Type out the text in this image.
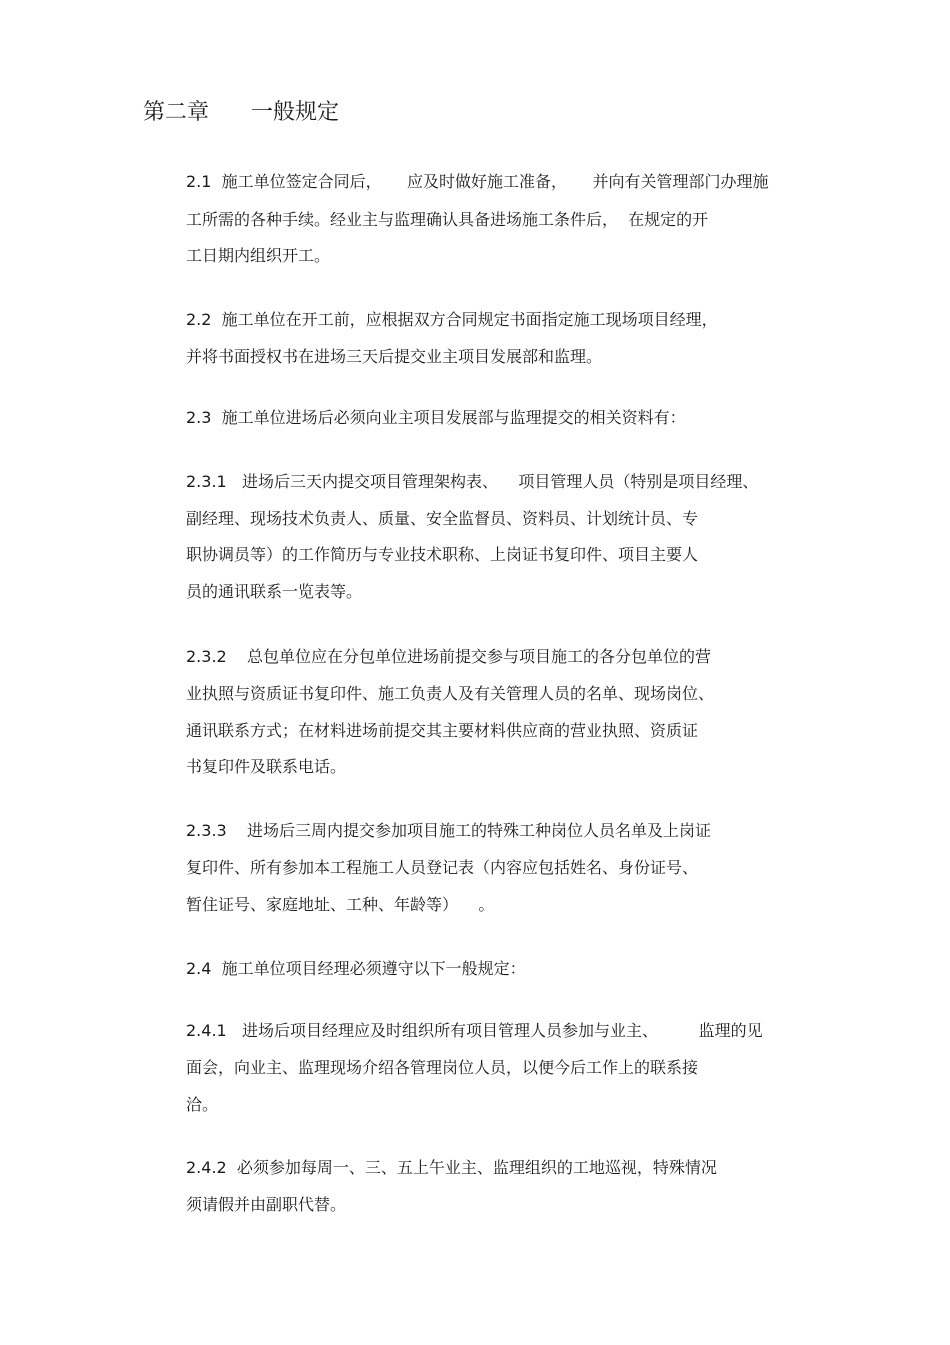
第二章      一般规定
2.1  施工单位签定合同后，     应及时做好施工准备，     并向有关管理部门办理施
工所需的各种手续。经业主与监理确认具备进场施工条件后，  在规定的开
工日期内组织开工。
2.2  施工单位在开工前，应根据双方合同规定书面指定施工现场项目经理，
并将书面授权书在进场三天后提交业主项目发展部和监理。
2.3  施工单位进场后必须向业主项目发展部与监理提交的相关资料有：
2.3.1   进场后三天内提交项目管理架构表、    项目管理人员（特别是项目经理、
副经理、现场技术负责人、质量、安全监督员、资料员、计划统计员、专
职协调员等）的工作简历与专业技术职称、上岗证书复印件、项目主要人
员的通讯联系一览表等。
2.3.2    总包单位应在分包单位进场前提交参与项目施工的各分包单位的营
业执照与资质证书复印件、施工负责人及有关管理人员的名单、现场岗位、
通讯联系方式；在材料进场前提交其主要材料供应商的营业执照、资质证
书复印件及联系电话。
2.3.3    进场后三周内提交参加项目施工的特殊工种岗位人员名单及上岗证
复印件、所有参加本工程施工人员登记表（内容应包括姓名、身份证号、
暂住证号、家庭地址、工种、年龄等）    。
2.4  施工单位项目经理必须遵守以下一般规定：
2.4.1   进场后项目经理应及时组织所有项目管理人员参加与业主、        监理的见
面会，向业主、监理现场介绍各管理岗位人员，以便今后工作上的联系接
洽。
2.4.2  必须参加每周一、三、五上午业主、监理组织的工地巡视，特殊情况
须请假并由副职代替。
